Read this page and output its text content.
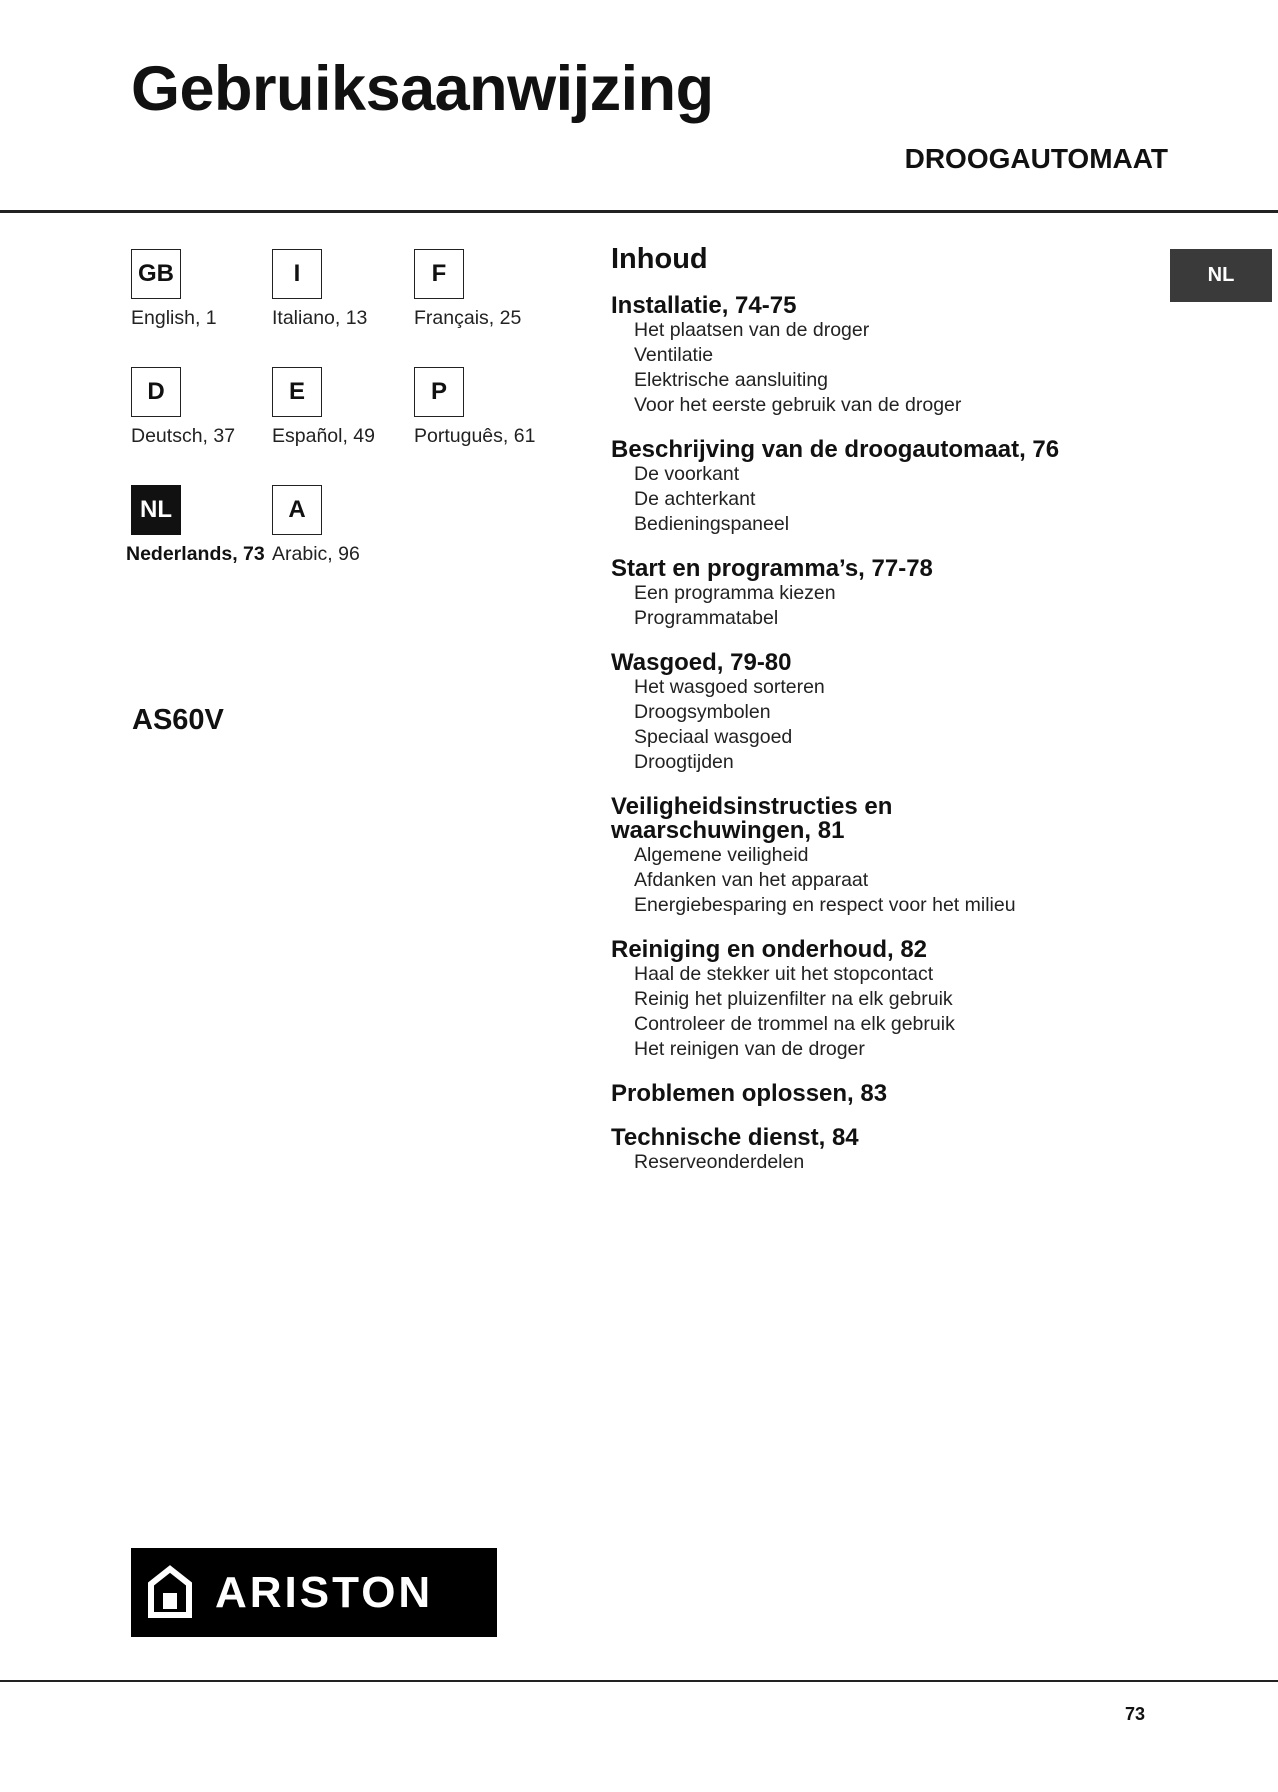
Gebruiksaanwijzing
DROOGAUTOMAAT
GB
English, 1
I
Italiano, 13
F
Français, 25
D
Deutsch, 37
E
Español, 49
P
Português, 61
NL
Nederlands, 73
A
Arabic, 96
AS60V
Inhoud
Installatie, 74-75
Het plaatsen van de droger
Ventilatie
Elektrische aansluiting
Voor het eerste gebruik van de droger
Beschrijving van de droogautomaat, 76
De voorkant
De achterkant
Bedieningspaneel
Start en programma’s, 77-78
Een programma kiezen
Programmatabel
Wasgoed, 79-80
Het wasgoed sorteren
Droogsymbolen
Speciaal wasgoed
Droogtijden
Veiligheidsinstructies en
waarschuwingen, 81
Algemene veiligheid
Afdanken van het apparaat
Energiebesparing en respect voor het milieu
Reiniging en onderhoud, 82
Haal de stekker uit het stopcontact
Reinig het pluizenfilter na elk gebruik
Controleer de trommel na elk gebruik
Het reinigen van de droger
Problemen oplossen, 83
Technische dienst, 84
Reserveonderdelen
NL
ARISTON
73
